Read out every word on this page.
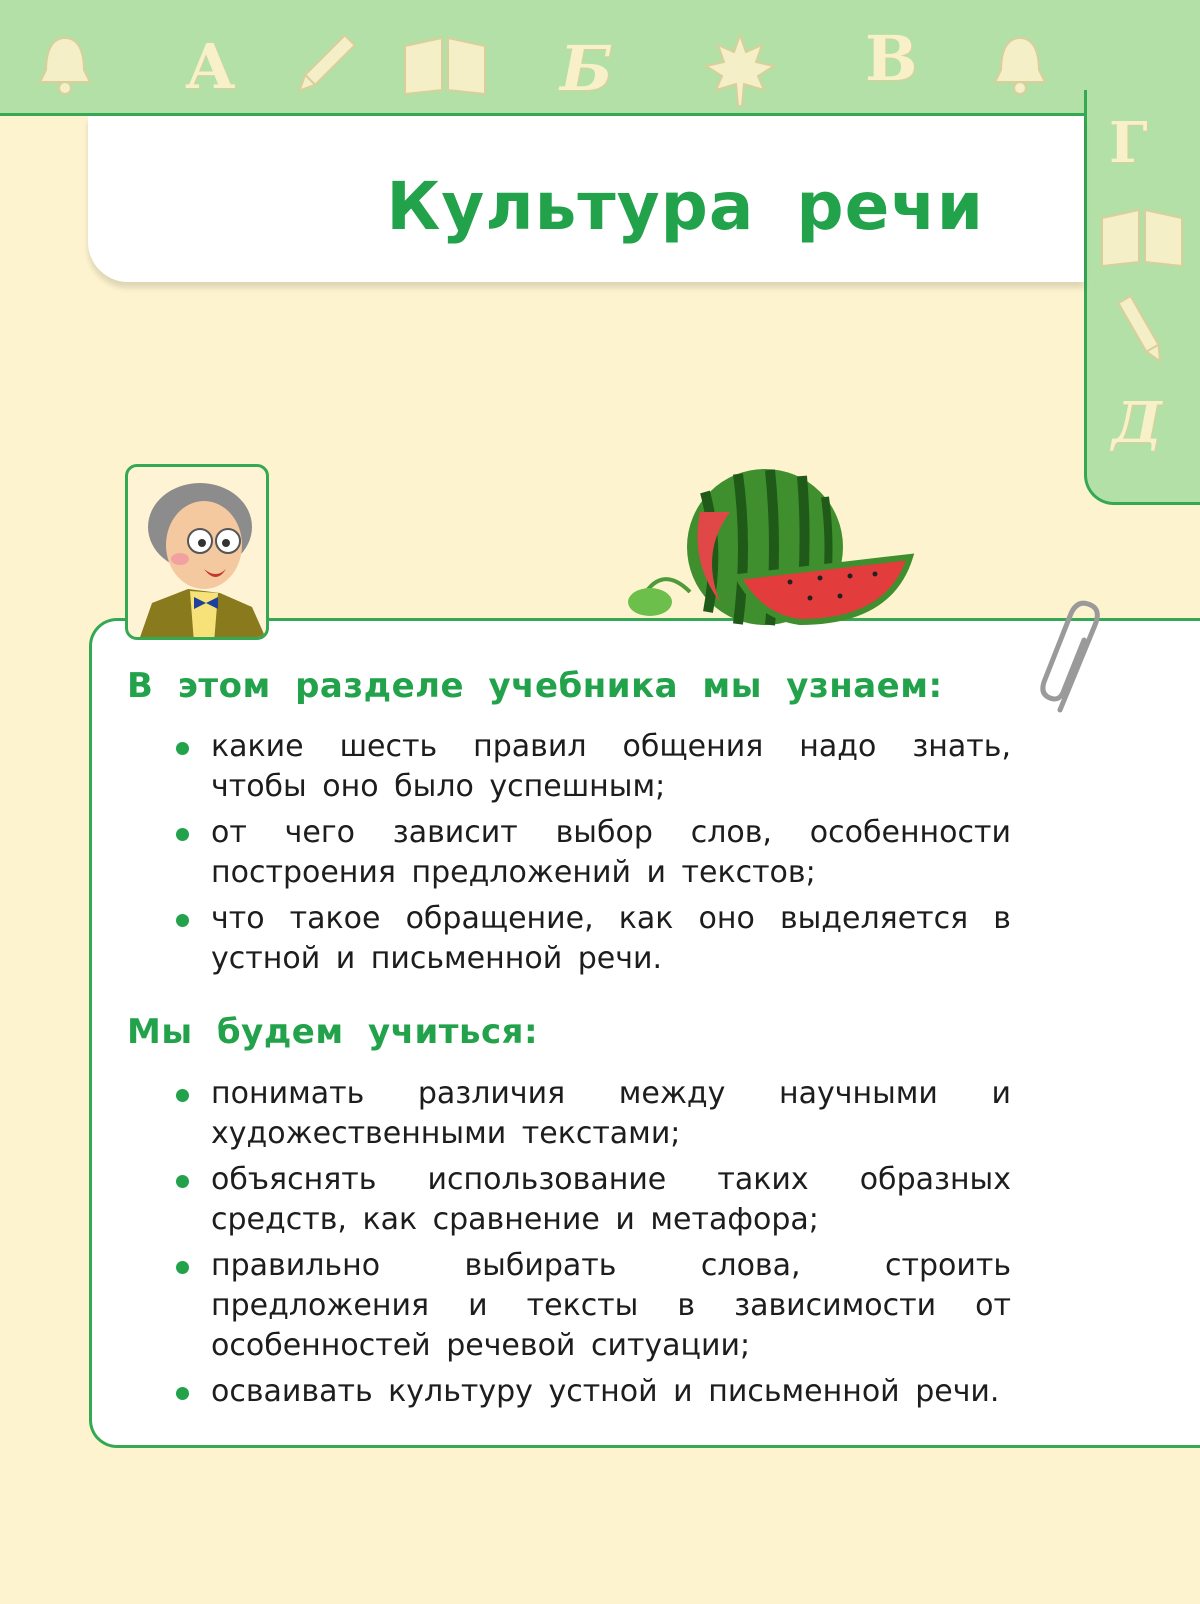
А	Б	В
Г
Д
Культура речи
В этом разделе учебника мы узнаем:
какие шесть правил общения надо знать, чтобы оно было успешным;
от чего зависит выбор слов, особенности построения предложений и текстов;
что такое обращение, как оно выделяется в устной и письменной речи.
Мы будем учиться:
понимать различия между научными и художественными текстами;
объяснять использование таких образных средств, как сравнение и метафора;
правильно выбирать слова, строить предложения и тексты в зависимости от особенностей речевой ситуации;
осваивать культуру устной и письменной речи.
